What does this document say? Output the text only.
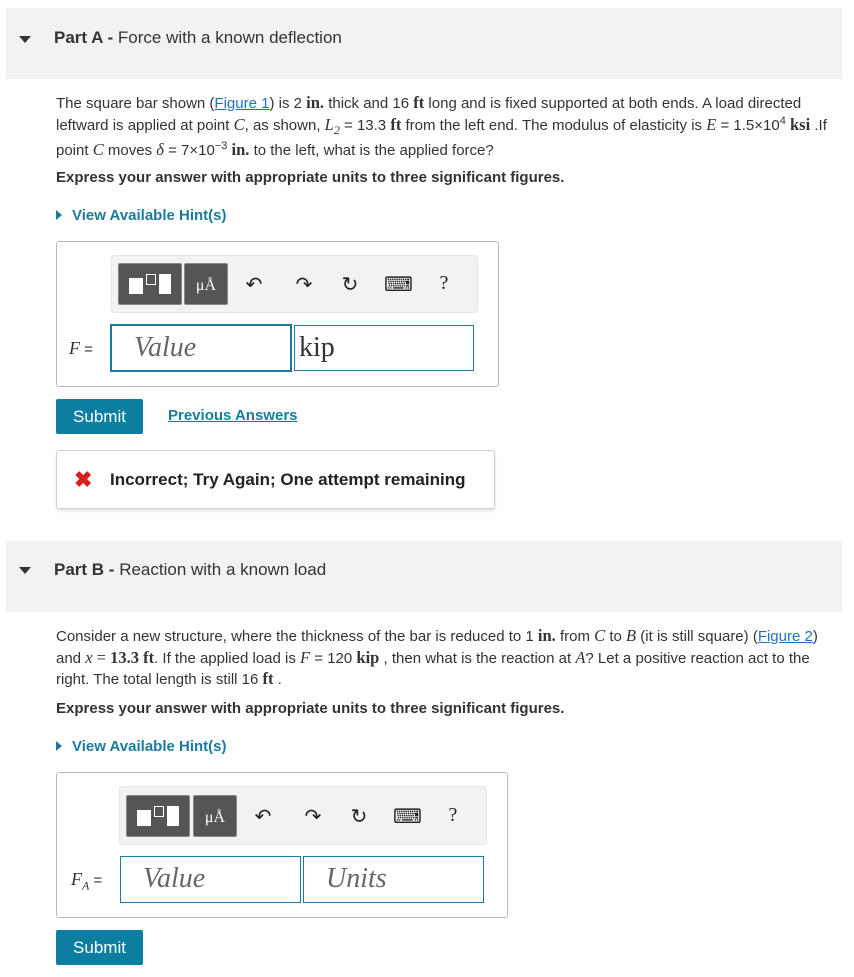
Part A - Force with a known deflection
The square bar shown (Figure 1) is 2 in. thick and 16 ft long and is fixed supported at both ends. A load directed leftward is applied at point C, as shown, $L_2 = 13.3$ ft from the left end. The modulus of elasticity is $E = 1.5\times 10^4$ ksi .If point C moves $\delta = 7\times 10^{-3}$ in. to the left, what is the applied force?
Express your answer with appropriate units to three significant figures.
View Available Hint(s)
μÅ	↶ ↷ ↻ ⌨	?
F =	Value	kip
Submit	Previous Answers
✖ Incorrect; Try Again; One attempt remaining
Part B - Reaction with a known load
Consider a new structure, where the thickness of the bar is reduced to 1 in. from C to B (it is still square) (Figure 2) and x = 13.3 ft. If the applied load is F = 120 kip , then what is the reaction at A? Let a positive reaction act to the right. The total length is still 16 ft .
Express your answer with appropriate units to three significant figures.
View Available Hint(s)
μÅ	↶ ↷ ↻ ⌨	?
$F_A$ =	Value	Units
Submit
